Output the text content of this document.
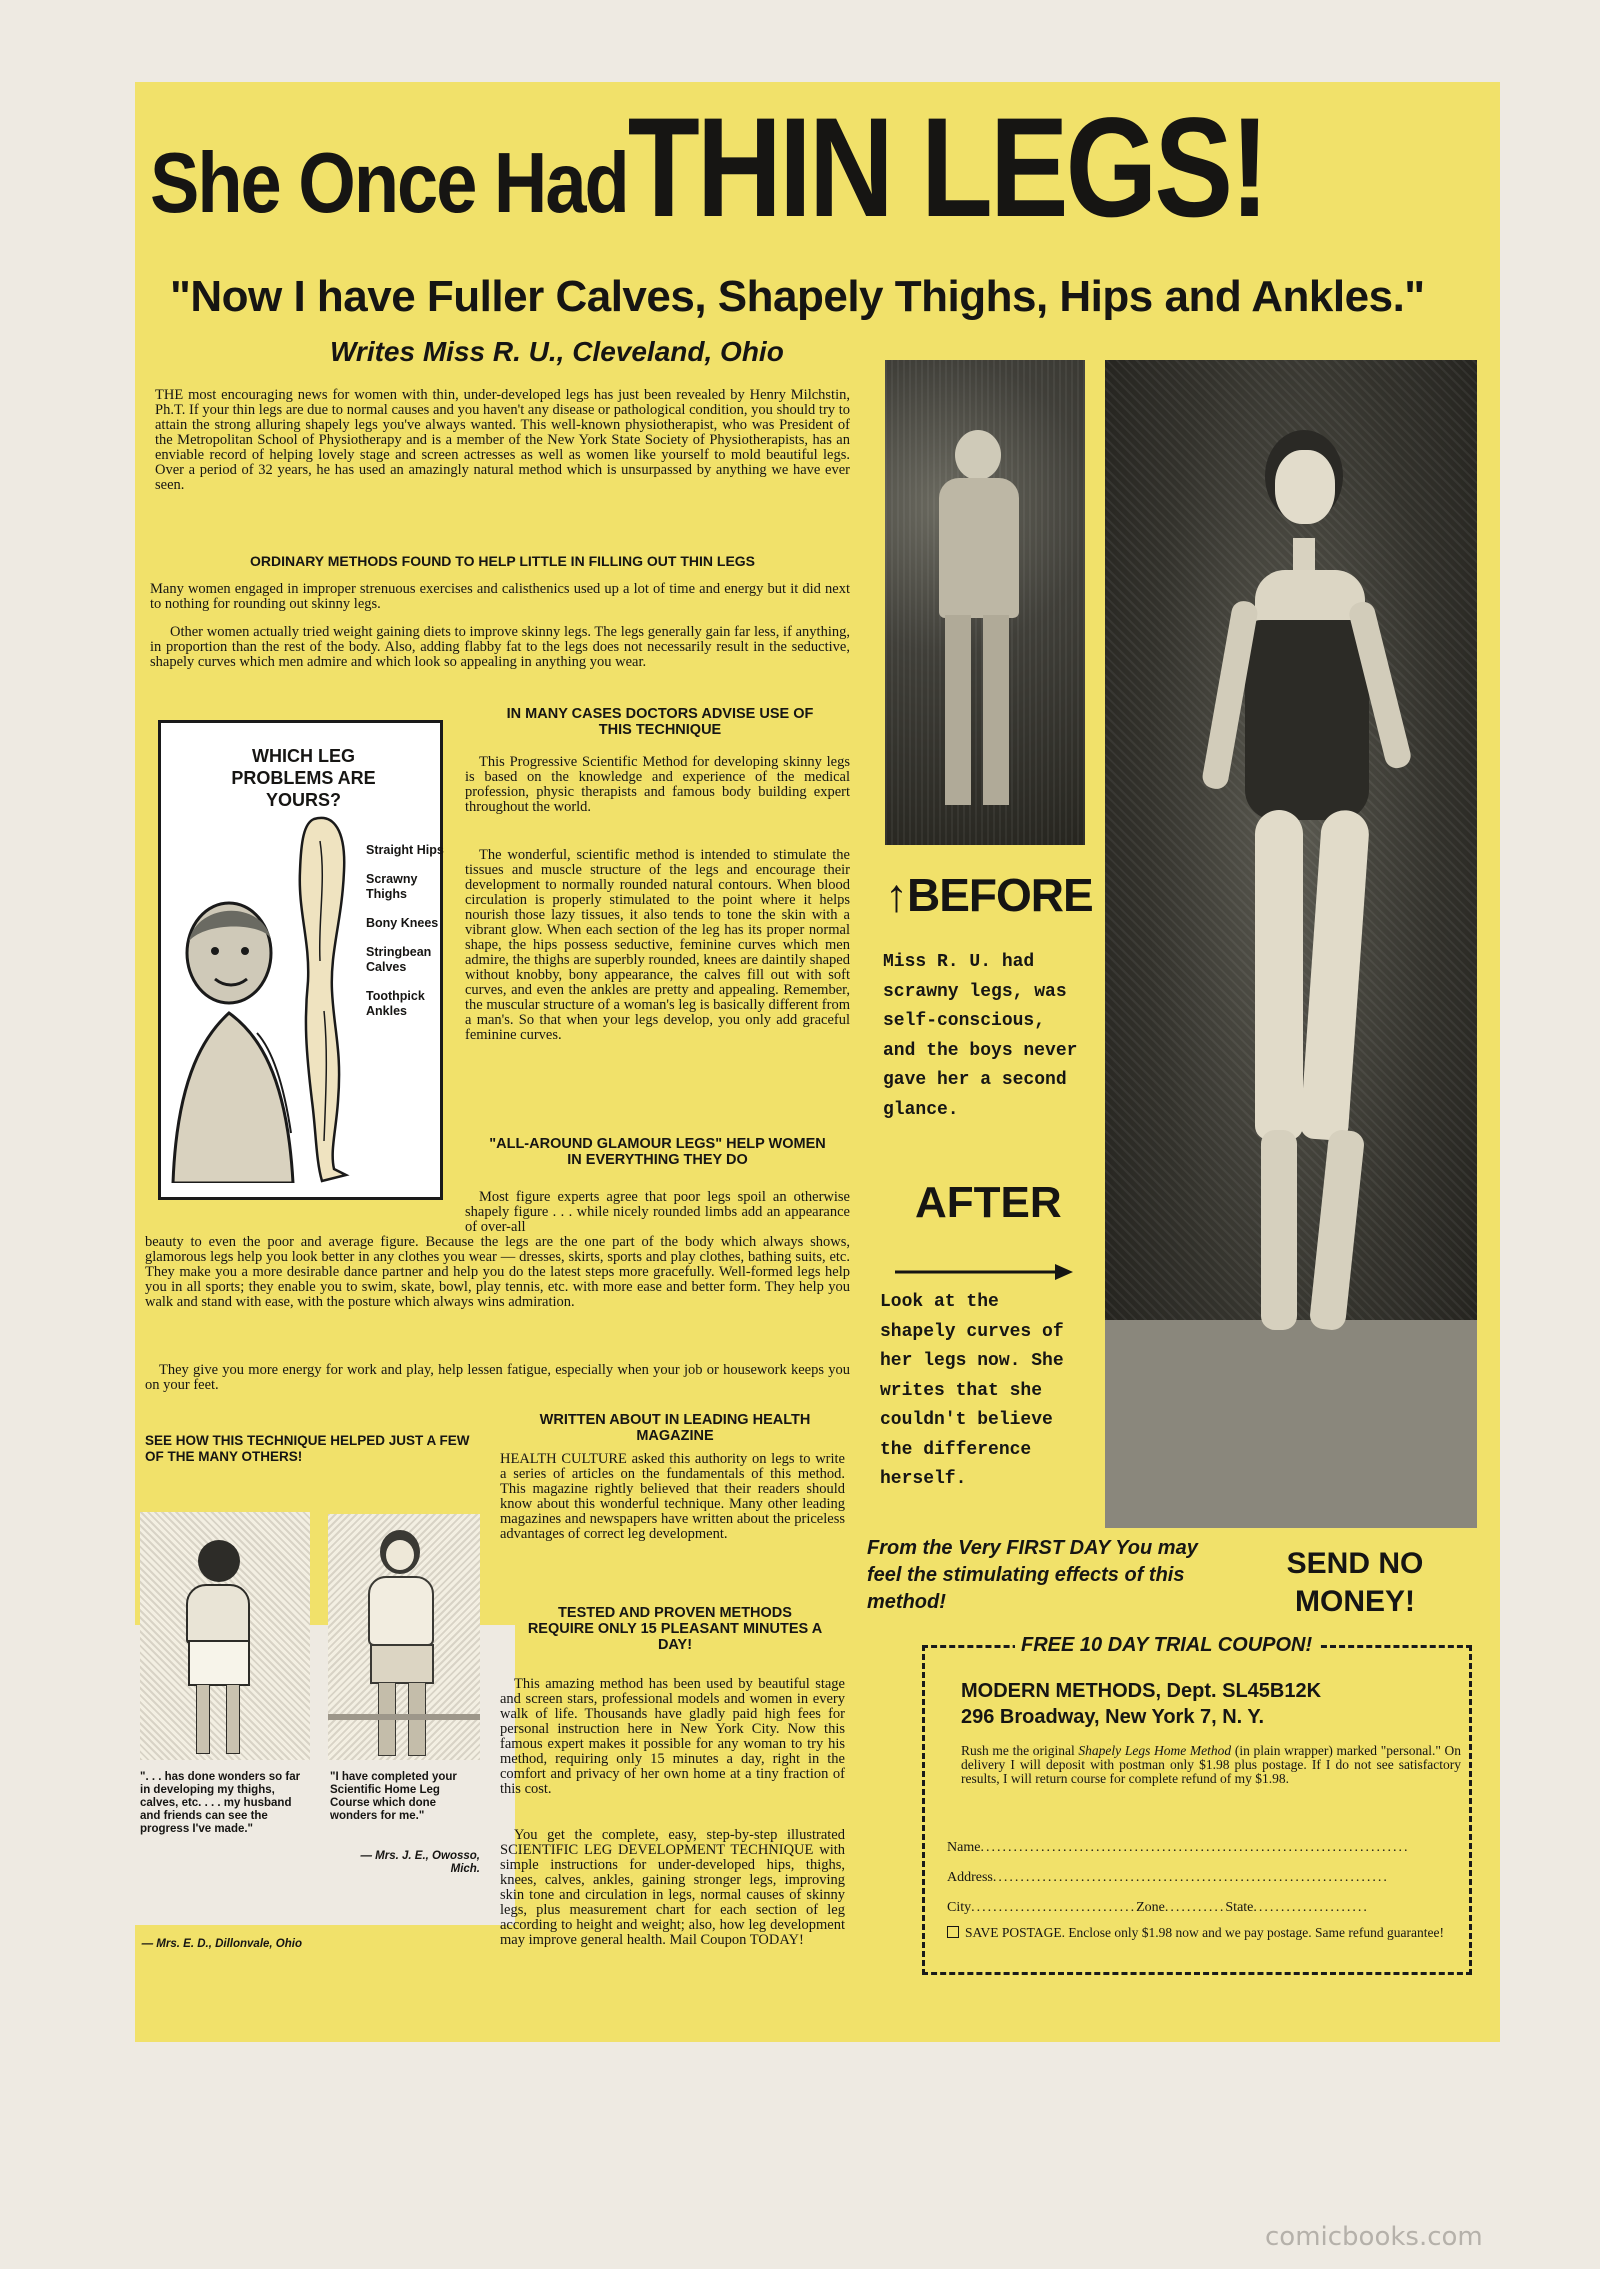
She Once HadTHIN LEGS!
"Now I have Fuller Calves, Shapely Thighs, Hips and Ankles."
Writes Miss R. U., Cleveland, Ohio
THE most encouraging news for women with thin, under-developed legs has just been revealed by Henry Milchstin, Ph.T. If your thin legs are due to normal causes and you haven't any disease or pathological condition, you should try to attain the strong alluring shapely legs you've always wanted. This well-known physiotherapist, who was President of the Metropolitan School of Physiotherapy and is a member of the New York State Society of Physiotherapists, has an enviable record of helping lovely stage and screen actresses as well as women like yourself to mold beautiful legs. Over a period of 32 years, he has used an amazingly natural method which is unsurpassed by anything we have ever seen.
ORDINARY METHODS FOUND TO HELP LITTLE IN FILLING OUT THIN LEGS
Many women engaged in improper strenuous exercises and calisthenics used up a lot of time and energy but it did next to nothing for rounding out skinny legs.
Other women actually tried weight gaining diets to improve skinny legs. The legs generally gain far less, if anything, in proportion than the rest of the body. Also, adding flabby fat to the legs does not necessarily result in the seductive, shapely curves which men admire and which look so appealing in anything you wear.
WHICH LEG PROBLEMS ARE YOURS?
Straight Hips
Scrawny Thighs
Bony Knees
Stringbean Calves
Toothpick Ankles
IN MANY CASES DOCTORS ADVISE USE OF THIS TECHNIQUE
This Progressive Scientific Method for developing skinny legs is based on the knowledge and experience of the medical profession, physic therapists and famous body building expert throughout the world.
The wonderful, scientific method is intended to stimulate the tissues and muscle structure of the legs and encourage their development to normally rounded natural contours. When blood circulation is properly stimulated to the point where it helps nourish those lazy tissues, it also tends to tone the skin with a vibrant glow. When each section of the leg has its proper normal shape, the hips possess seductive, feminine curves which men admire, the thighs are superbly rounded, knees are daintily shaped without knobby, bony appearance, the calves fill out with soft curves, and even the ankles are pretty and appealing. Remember, the muscular structure of a woman's leg is basically different from a man's. So that when your legs develop, you only add graceful feminine curves.
"ALL-AROUND GLAMOUR LEGS" HELP WOMEN IN EVERYTHING THEY DO
Most figure experts agree that poor legs spoil an otherwise shapely figure . . . while nicely rounded limbs add an appearance of over-all
beauty to even the poor and average figure. Because the legs are the one part of the body which always shows, glamorous legs help you look better in any clothes you wear — dresses, skirts, sports and play clothes, bathing suits, etc. They make you a more desirable dance partner and help you do the latest steps more gracefully. Well-formed legs help you in all sports; they enable you to swim, skate, bowl, play tennis, etc. with more ease and better form. They help you walk and stand with ease, with the posture which always wins admiration.
They give you more energy for work and play, help lessen fatigue, especially when your job or housework keeps you on your feet.
SEE HOW THIS TECHNIQUE HELPED JUST A FEW OF THE MANY OTHERS!
". . . has done wonders so far in developing my thighs, calves, etc. . . . my husband and friends can see the progress I've made."
— Mrs. E. D., Dillonvale, Ohio
"I have completed your Scientific Home Leg Course which done wonders for me."
— Mrs. J. E., Owosso, Mich.
WRITTEN ABOUT IN LEADING HEALTH MAGAZINE
HEALTH CULTURE asked this authority on legs to write a series of articles on the fundamentals of this method. This magazine rightly believed that their readers should know about this wonderful technique. Many other leading magazines and newspapers have written about the priceless advantages of correct leg development.
TESTED AND PROVEN METHODS REQUIRE ONLY 15 PLEASANT MINUTES A DAY!
This amazing method has been used by beautiful stage and screen stars, professional models and women in every walk of life. Thousands have gladly paid high fees for personal instruction here in New York City. Now this famous expert makes it possible for any woman to try his method, requiring only 15 minutes a day, right in the comfort and privacy of her own home at a tiny fraction of this cost.
You get the complete, easy, step-by-step illustrated SCIENTIFIC LEG DEVELOPMENT TECHNIQUE with simple instructions for under-developed hips, thighs, knees, calves, ankles, gaining stronger legs, improving skin tone and circulation in legs, normal causes of skinny legs, plus measurement chart for each section of leg according to height and weight; also, how leg development may improve general health. Mail Coupon TODAY!
↑BEFORE
Miss R. U. had scrawny legs, was self-conscious, and the boys never gave her a second glance.
AFTER
Look at the shapely curves of her legs now. She writes that she couldn't believe the difference herself.
From the Very FIRST DAY You may feel the stimulating effects of this method!
SEND NO MONEY!
FREE 10 DAY TRIAL COUPON!
MODERN METHODS, Dept. SL45B12K
296 Broadway, New York 7, N. Y.
Rush me the original Shapely Legs Home Method (in plain wrapper) marked "personal." On delivery I will deposit with postman only $1.98 plus postage. If I do not see satisfactory results, I will return course for complete refund of my $1.98.
Name..............................................................................
Address........................................................................
City..............................Zone...........State.....................
SAVE POSTAGE. Enclose only $1.98 now and we pay postage. Same refund guarantee!
comicbooks.com
